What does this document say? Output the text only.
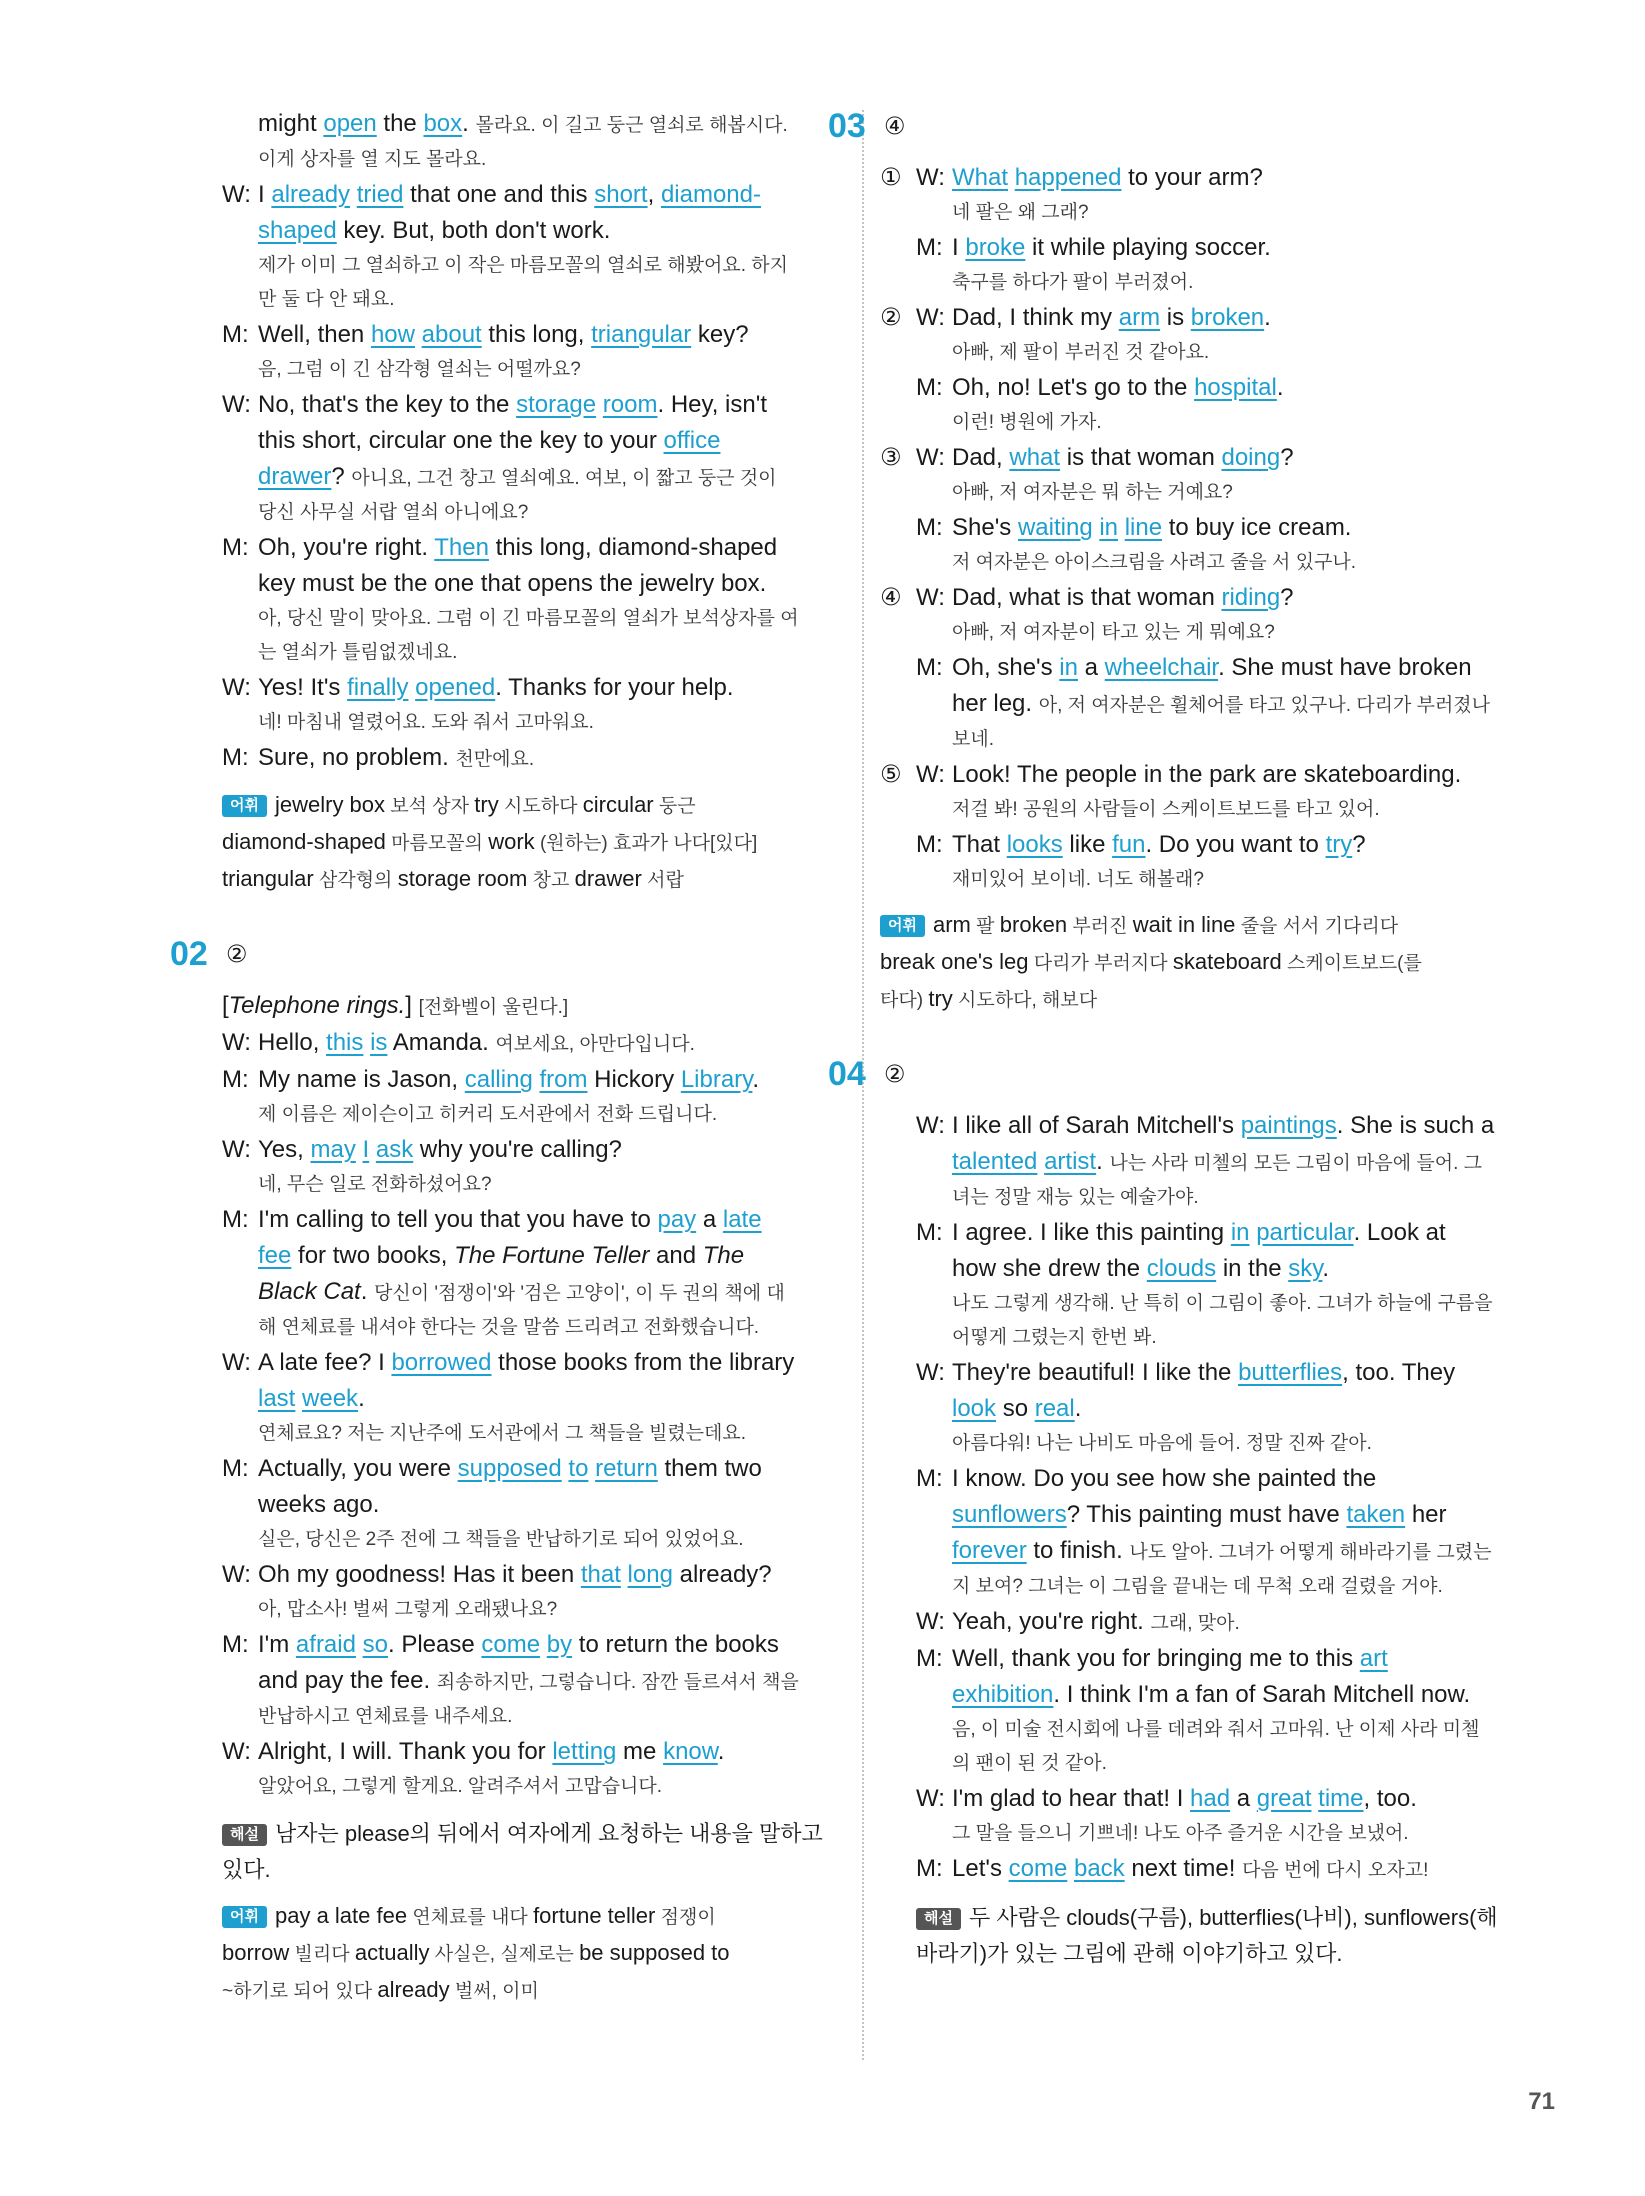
might open the box. 몰라요. 이 길고 둥근 열쇠로 해봅시다.
이게 상자를 열 지도 몰라요.
W: I already tried that one and this short, diamond-
shaped key. But, both don't work.
제가 이미 그 열쇠하고 이 작은 마름모꼴의 열쇠로 해봤어요. 하지
만 둘 다 안 돼요.
M: Well, then how about this long, triangular key?
음, 그럼 이 긴 삼각형 열쇠는 어떨까요?
W: No, that's the key to the storage room. Hey, isn't
this short, circular one the key to your office
drawer? 아니요, 그건 창고 열쇠예요. 여보, 이 짧고 둥근 것이
당신 사무실 서랍 열쇠 아니에요?
M: Oh, you're right. Then this long, diamond-shaped
key must be the one that opens the jewelry box.
아, 당신 말이 맞아요. 그럼 이 긴 마름모꼴의 열쇠가 보석상자를 여
는 열쇠가 틀림없겠네요.
W: Yes! It's finally opened. Thanks for your help.
네! 마침내 열렸어요. 도와 줘서 고마워요.
M: Sure, no problem. 천만에요.
어휘 jewelry box 보석 상자 try 시도하다 circular 둥근
diamond-shaped 마름모꼴의 work (원하는) 효과가 나다[있다]
triangular 삼각형의 storage room 창고 drawer 서랍
02 ②
[Telephone rings.] [전화벨이 울린다.]
W: Hello, this is Amanda. 여보세요, 아만다입니다.
M: My name is Jason, calling from Hickory Library.
제 이름은 제이슨이고 히커리 도서관에서 전화 드립니다.
W: Yes, may I ask why you're calling?
네, 무슨 일로 전화하셨어요?
M: I'm calling to tell you that you have to pay a late
fee for two books, The Fortune Teller and The
Black Cat. 당신이 '점쟁이'와 '검은 고양이', 이 두 권의 책에 대
해 연체료를 내셔야 한다는 것을 말씀 드리려고 전화했습니다.
W: A late fee? I borrowed those books from the library
last week.
연체료요? 저는 지난주에 도서관에서 그 책들을 빌렸는데요.
M: Actually, you were supposed to return them two
weeks ago.
실은, 당신은 2주 전에 그 책들을 반납하기로 되어 있었어요.
W: Oh my goodness! Has it been that long already?
아, 맙소사! 벌써 그렇게 오래됐나요?
M: I'm afraid so. Please come by to return the books
and pay the fee. 죄송하지만, 그렇습니다. 잠깐 들르셔서 책을
반납하시고 연체료를 내주세요.
W: Alright, I will. Thank you for letting me know.
알았어요, 그렇게 할게요. 알려주셔서 고맙습니다.
해설 남자는 please의 뒤에서 여자에게 요청하는 내용을 말하고 있다.
어휘 pay a late fee 연체료를 내다 fortune teller 점쟁이
borrow 빌리다 actually 사실은, 실제로는 be supposed to
~하기로 되어 있다 already 벌써, 이미
03 ④
① W: What happened to your arm?
네 팔은 왜 그래?
M: I broke it while playing soccer.
축구를 하다가 팔이 부러졌어.
② W: Dad, I think my arm is broken.
아빠, 제 팔이 부러진 것 같아요.
M: Oh, no! Let's go to the hospital.
이런! 병원에 가자.
③ W: Dad, what is that woman doing?
아빠, 저 여자분은 뭐 하는 거예요?
M: She's waiting in line to buy ice cream.
저 여자분은 아이스크림을 사려고 줄을 서 있구나.
④ W: Dad, what is that woman riding?
아빠, 저 여자분이 타고 있는 게 뭐예요?
M: Oh, she's in a wheelchair. She must have broken
her leg. 아, 저 여자분은 휠체어를 타고 있구나. 다리가 부러졌나
보네.
⑤ W: Look! The people in the park are skateboarding.
저걸 봐! 공원의 사람들이 스케이트보드를 타고 있어.
M: That looks like fun. Do you want to try?
재미있어 보이네. 너도 해볼래?
어휘 arm 팔 broken 부러진 wait in line 줄을 서서 기다리다
break one's leg 다리가 부러지다 skateboard 스케이트보드(를
타다) try 시도하다, 해보다
04 ②
W: I like all of Sarah Mitchell's paintings. She is such a
talented artist. 나는 사라 미첼의 모든 그림이 마음에 들어. 그
녀는 정말 재능 있는 예술가야.
M: I agree. I like this painting in particular. Look at
how she drew the clouds in the sky.
나도 그렇게 생각해. 난 특히 이 그림이 좋아. 그녀가 하늘에 구름을
어떻게 그렸는지 한번 봐.
W: They're beautiful! I like the butterflies, too. They
look so real.
아름다워! 나는 나비도 마음에 들어. 정말 진짜 같아.
M: I know. Do you see how she painted the
sunflowers? This painting must have taken her
forever to finish. 나도 알아. 그녀가 어떻게 해바라기를 그렸는
지 보여? 그녀는 이 그림을 끝내는 데 무척 오래 걸렸을 거야.
W: Yeah, you're right. 그래, 맞아.
M: Well, thank you for bringing me to this art
exhibition. I think I'm a fan of Sarah Mitchell now.
음, 이 미술 전시회에 나를 데려와 줘서 고마워. 난 이제 사라 미첼
의 팬이 된 것 같아.
W: I'm glad to hear that! I had a great time, too.
그 말을 들으니 기쁘네! 나도 아주 즐거운 시간을 보냈어.
M: Let's come back next time! 다음 번에 다시 오자고!
해설 두 사람은 clouds(구름), butterflies(나비), sunflowers(해
바라기)가 있는 그림에 관해 이야기하고 있다.
71
